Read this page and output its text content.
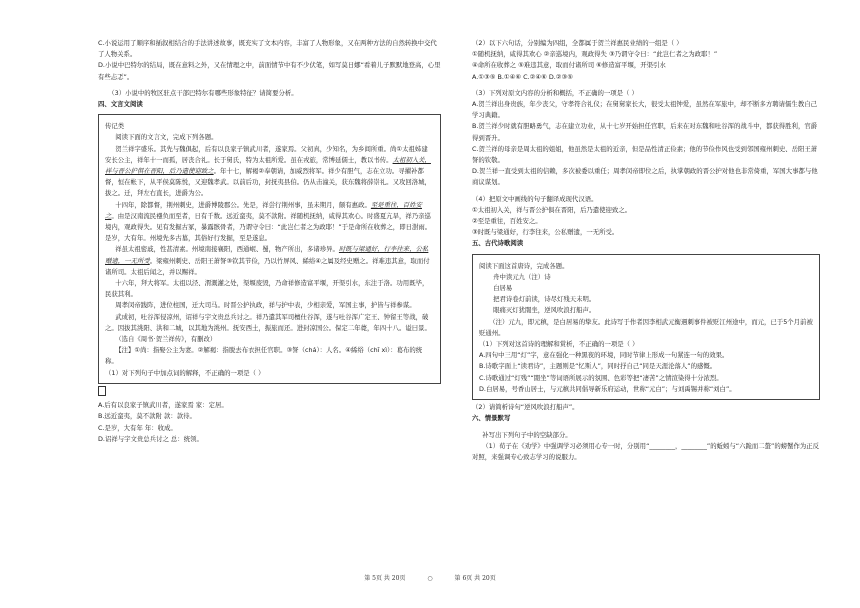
C.小说运用了顺序和插叙相结合的手法讲述故事，既充实了文本内容，丰富了人物形象，又在两种方法的自然转换中交代了人物关系。

D.小说中巴特尔的结局，既在意料之外，又在情理之中，前面情节中有不少伏笔，如写莫日娜“看着儿子默默地登高，心里有些忐忑”。

（3）小说中的牧区驻点干部巴特尔有哪些形象特征？请简要分析。

四、文言文阅读

传记类

阅读下面的文言文，完成下列各题。

贺兰祥字盛乐。其先与魏俱起，后有以良家子镇武川者，遂家焉。父初真，少知名，为乡闾所重。尚①太祖姊建安长公主，祥年十一而孤，居丧合礼。长于舅氏，特为太祖所爱。虽在戎旅，常博延儒士，教以书传。太祖初入关，祥与晋公护俱在晋阳，后乃遣使迎致之。年十七，解褐②奉朝请，加威烈将军。祥少有胆气，志在立功。寻擢补都督，恒在帐下，从平侯莫陈悦，又迎魏孝武。以前后功，封抚夷县伯。仍从击潼关，获东魏将薛崇礼。又攻回洛城，拔之。迁，拜左右直长，进爵为公。

十四年，除都督，荆州刺史，进爵博陵郡公。先是，祥尝行荆州事，虽未期月，颇有惠政。至是重往，百姓安之。由是汉南流民襁负而至者，日有千数。远近蛮夷，莫不款附。祥随机抚纳，咸得其欢心。时盛夏亢旱，祥乃亲巡境内，观政得失。见有发掘古冢，暴露骸骨者，乃谓守令曰：“此岂仁者之为政耶！”于是命所在收葬之，即日澍雨。是岁，大有年。州境先多古墓，其俗好行发掘，至是遂息。

祥虽太祖密戚，性甚清素。州境南接襄阳，西通岷、蜀，物产所出，多诸珍异。时既与梁通好，行李往来，公私赠遗，一无所受。梁雍州刺史、岳阳王萧詧③钦其节俭，乃以竹屏风、絺绤④之属及经史赠之。祥难违其意，取而付诸所司。太祖后闻之，并以赐祥。

十六年，拜大将军。太祖以泾、渭溉灌之处，渠堰废毁，乃命祥修造富平堰，开渠引水，东注于洛。功用既毕，民获其利。

周孝闵帝践阼，进位柱国，迁大司马。时晋公护执政，祥与护中表，少相亲爱，军国主事，护皆与祥参谋。

武成初，吐谷浑侵凉州，诏祥与宇文贵总兵讨之。祥乃遣其军司檀仕谷浑，遂与吐谷浑广定王、钟留王等战，破之。因拔其洮阳、洪和二城，以其地为洮州。抚安西土，振旅而还。进封凉国公。保定二年薨，年四十八。谥曰景。

（选自《周书·贺兰祥传》，有删改）

【注】①尚：指娶公主为妻。②解褐：指脱去布衣担任官职。③詧（chá）：人名。④絺绤（chī xì）：葛布的统称。

（1）对下列句子中加点词的解释，不正确的一项是（ ）

A.后有以良家子镇武川者，遂家焉 家：定居。

B.远近蛮夷，莫不款附 款：款待。

C.是岁，大有年 年：收成。

D.诏祥与宇文贵总兵讨之 总：统领。

（2）以下六句话，分别编为四组，全都属于贺兰祥惠民业绩的一组是（ ）

①随机抚纳，咸得其欢心 ②亲巡境内，观政得失 ③乃谓守令曰：“此岂仁者之为政耶！”

④命所在收葬之 ⑤难违其意，取而付诸所司 ⑥修造富平堰，开渠引水

A.①③⑤ B.①④⑥ C.②④⑥ D.②③⑤

（3）下列对原文内容的分析和概括，不正确的一项是（ ）

A.贺兰祥出身贵族，年少丧父，守孝符合礼仪；在舅舅家长大，很受太祖钟爱，虽然在军旅中，却不断多方聘请儒生教自己学习典籍。

B.贺兰祥少时就有胆略勇气，志在建立功业，从十七岁开始担任官职，后来在对东魏和吐谷浑的战斗中，都获得胜利，官爵得到晋升。

C.贺兰祥的母亲是周太祖的姐姐，他虽然是太祖的近亲，但是品性清正俭素；他的节俭作风也受到邻国雍州刺史、岳阳王萧詧的钦敬。

D.贺兰祥一直受到太祖的信赖，多次被委以重任；周孝闵帝即位之后，执掌朝政的晋公护对他也非常倚重，军国大事都与他商议谋划。

（4）把原文中画线的句子翻译成现代汉语。

①太祖初入关，祥与晋公护俱在晋阳，后乃遣使迎致之。

②至是重往，百姓安之。

③时既与梁通好，行李往来，公私赠遗，一无所受。

五、古代诗歌阅读

阅读下面这首唐诗，完成各题。

舟中读元九（注）诗

白居易

把君诗卷灯前读，诗尽灯残天未明。

眼痛灭灯犹闇坐，逆风吹浪打船声。

（注）元九，即元稹，是白居易的挚友。此诗写于作者因李相武元衡遇刺事件被贬江州途中，而元，已于5个月前被贬通州。

（1）下列对这首诗的理解和赏析，不正确的一项是（ ）

A.四句中三用“灯”字，意在强化一种黑夜的环境，同时节律上形成一句紧连一句的效果。

B.诗歌字面上“读君诗”，主题则是“忆斯人”，同时抒自己“同是天涯沦落人”的感慨。

C.诗歌通过“灯残”“闇坐”等词语所展示的氛围、色彩等把“凄苦”之情渲染得十分浓烈。

D.白居易，号香山居士，与元稹共同倡导新乐府运动，世称“元白”；与刘禹锡并称“刘白”。

（2）请简析诗句“逆风吹浪打船声”。

六、情景默写

补写出下列句子中的空缺部分。

（1）荀子在《劝学》中强调学习必须用心专一时，分别用“________，________”的蚯蚓与“六跪而二螯”的螃蟹作为正反对照，来强调专心致志学习的说服力。

第 5页 共 20页	○	第 6页 共 20页
